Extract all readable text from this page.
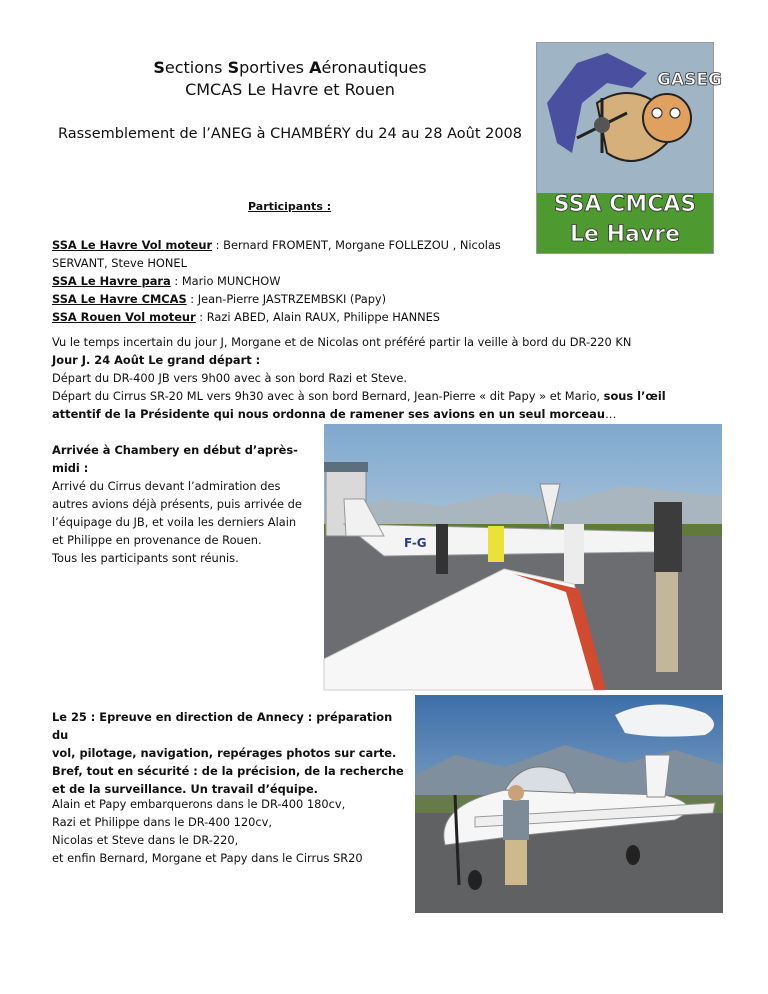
Sections Sportives Aéronautiques
CMCAS Le Havre et Rouen
Rassemblement de l’ANEG à CHAMBÉRY du 24 au 28 Août 2008
GASEG
SSA CMCAS
Le Havre
Participants :
SSA Le Havre Vol moteur : Bernard FROMENT, Morgane FOLLEZOU , Nicolas
SERVANT, Steve HONEL
SSA Le Havre para : Mario MUNCHOW
SSA Le Havre CMCAS : Jean-Pierre JASTRZEMBSKI (Papy)
SSA Rouen Vol moteur : Razi ABED, Alain RAUX, Philippe HANNES
Vu le temps incertain du jour J, Morgane et de Nicolas ont préféré partir la veille à bord du DR-220 KN
Jour J. 24 Août Le grand départ :
Départ du DR-400 JB vers 9h00 avec à son bord Razi et Steve.
Départ du Cirrus SR-20 ML vers 9h30 avec à son bord Bernard, Jean-Pierre « dit Papy » et Mario, sous l’œil
attentif de la Présidente qui nous ordonna de ramener ses avions en un seul morceau…
Arrivée à Chambery en début d’après-
midi :
Arrivé du Cirrus devant l’admiration des
autres avions déjà présents, puis arrivée de
l’équipage du JB, et voila les derniers Alain
et Philippe en provenance de Rouen.
Tous les participants sont réunis.
F-G
Le 25 : Epreuve en direction de Annecy : préparation du
vol, pilotage, navigation, repérages photos sur carte.
Bref, tout en sécurité : de la précision, de la recherche
et de la surveillance. Un travail d’équipe.
Alain et Papy embarquerons dans le DR-400 180cv,
Razi et Philippe dans le DR-400 120cv,
Nicolas et Steve dans le DR-220,
et enfin Bernard, Morgane et Papy dans le Cirrus SR20
